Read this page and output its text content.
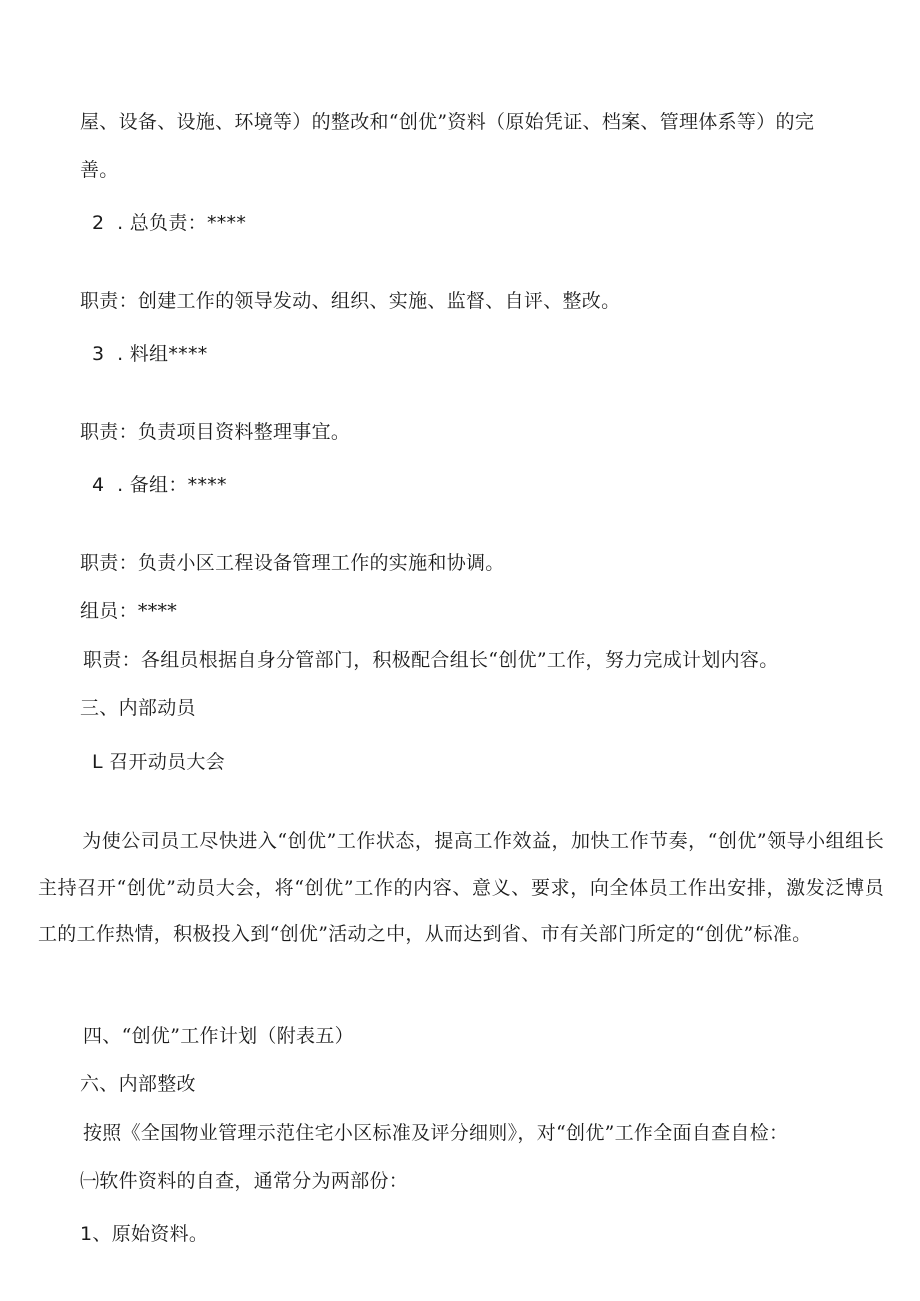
屋、设备、设施、环境等）的整改和“创优”资料（原始凭证、档案、管理体系等）的完
善。
2  . 总负责：****
职责：创建工作的领导发动、组织、实施、监督、自评、整改。
3  . 料组****
职责：负责项目资料整理事宜。
4  . 备组：****
职责：负责小区工程设备管理工作的实施和协调。
组员：****
职责：各组员根据自身分管部门，积极配合组长“创优”工作，努力完成计划内容。
三、内部动员
L 召开动员大会
为使公司员工尽快进入“创优”工作状态，提高工作效益，加快工作节奏，“创优”领导小组组长主持召开“创优”动员大会，将“创优”工作的内容、意义、要求，向全体员工作出安排，激发泛博员工的工作热情，积极投入到“创优”活动之中，从而达到省、市有关部门所定的“创优”标准。
四、“创优”工作计划（附表五）
六、内部整改
按照《全国物业管理示范住宅小区标准及评分细则》，对“创优”工作全面自查自检：
㈠软件资料的自查，通常分为两部份：
1、原始资料。
